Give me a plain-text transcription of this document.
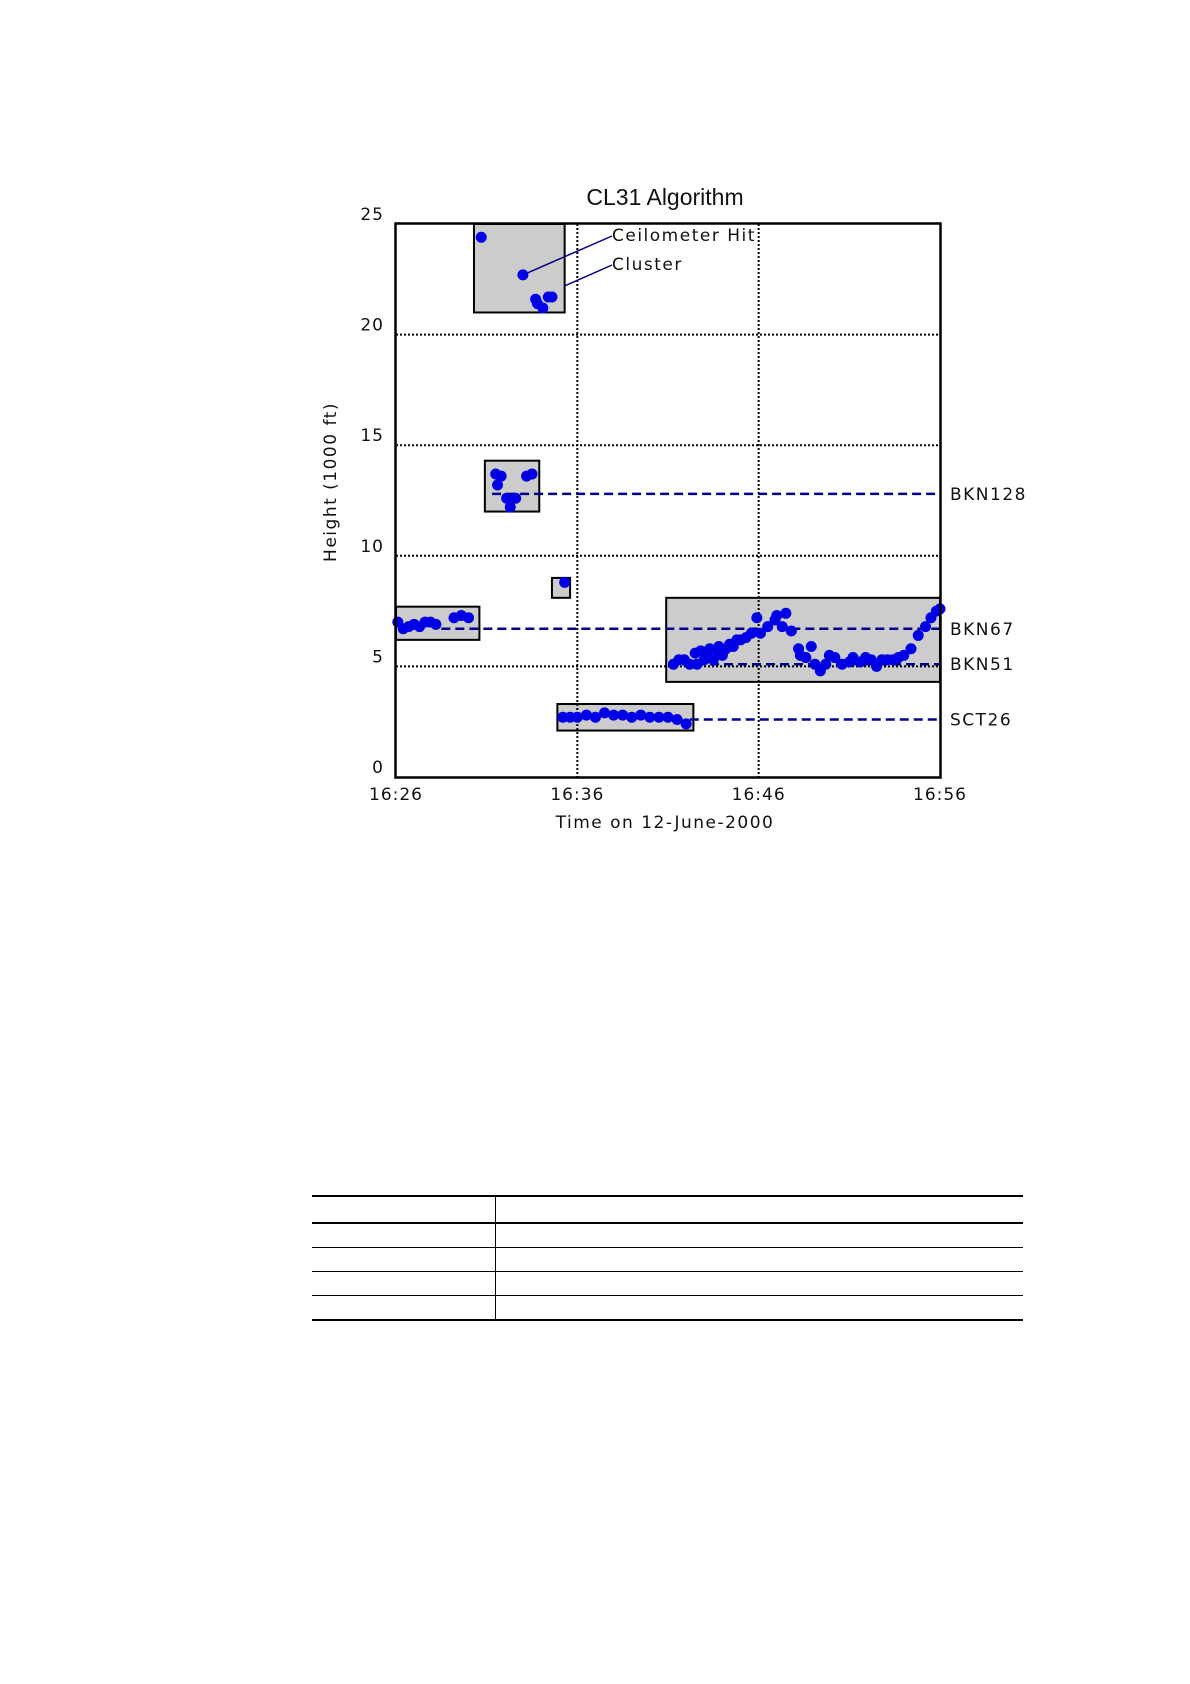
CL31 Algorithm
Ceilometer Hit
Cluster
16:26	16:36	16:46	16:56
0
5
10
15
20
25
BKN128
BKN67
BKN51
SCT26
Time on 12-June-2000
Height (1000 ft)
